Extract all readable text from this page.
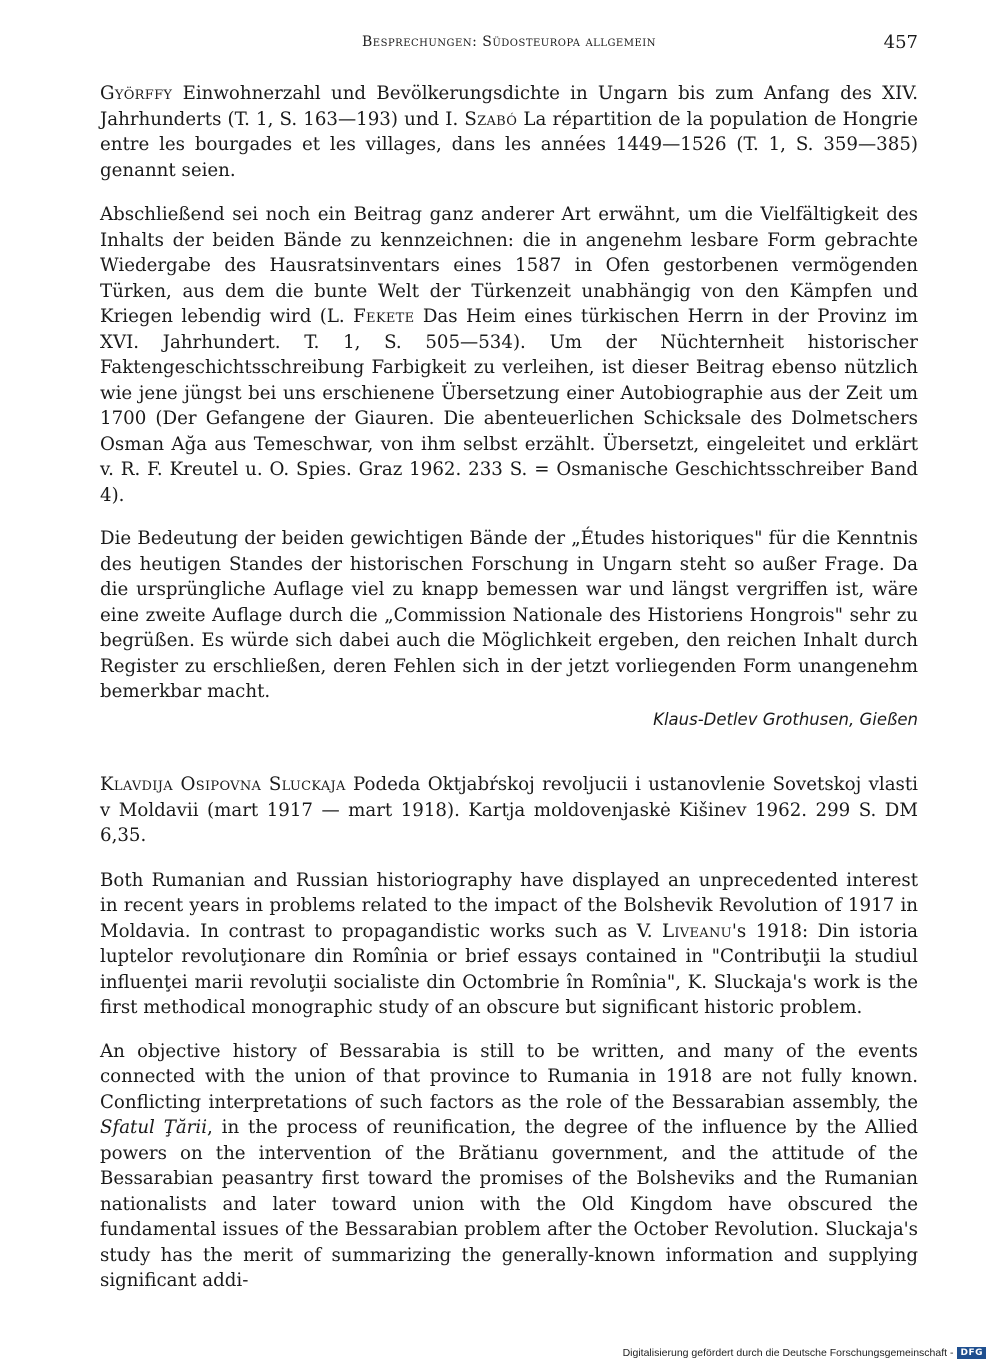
Besprechungen: Südosteuropa allgemein	457

Györffy Einwohnerzahl und Bevölkerungsdichte in Ungarn bis zum Anfang des XIV. Jahrhunderts (T. 1, S. 163—193) und I. Szabó La répartition de la population de Hongrie entre les bourgades et les villages, dans les années 1449—1526 (T. 1, S. 359—385) genannt seien.

Abschließend sei noch ein Beitrag ganz anderer Art erwähnt, um die Vielfältigkeit des Inhalts der beiden Bände zu kennzeichnen: die in angenehm lesbare Form gebrachte Wiedergabe des Hausratsinventars eines 1587 in Ofen gestorbenen vermögenden Türken, aus dem die bunte Welt der Türkenzeit unabhängig von den Kämpfen und Kriegen lebendig wird (L. Fekete Das Heim eines türkischen Herrn in der Provinz im XVI. Jahrhundert. T. 1, S. 505—534). Um der Nüchternheit historischer Faktengeschichtsschreibung Farbigkeit zu verleihen, ist dieser Beitrag ebenso nützlich wie jene jüngst bei uns erschienene Übersetzung einer Autobiographie aus der Zeit um 1700 (Der Gefangene der Giauren. Die abenteuerlichen Schicksale des Dolmetschers Osman Ağa aus Temeschwar, von ihm selbst erzählt. Übersetzt, eingeleitet und erklärt v. R. F. Kreutel u. O. Spies. Graz 1962. 233 S. = Osmanische Geschichtsschreiber Band 4).

Die Bedeutung der beiden gewichtigen Bände der „Études historiques" für die Kenntnis des heutigen Standes der historischen Forschung in Ungarn steht so außer Frage. Da die ursprüngliche Auflage viel zu knapp bemessen war und längst vergriffen ist, wäre eine zweite Auflage durch die „Commission Nationale des Historiens Hongrois" sehr zu begrüßen. Es würde sich dabei auch die Möglichkeit ergeben, den reichen Inhalt durch Register zu erschließen, deren Fehlen sich in der jetzt vorliegenden Form unangenehm bemerkbar macht.

Klaus-Detlev Grothusen, Gießen

Klavdija Osipovna Sluckaja Podeda Oktjabŕskoj revoljucii i ustanovlenie Sovetskoj vlasti v Moldavii (mart 1917 — mart 1918). Kartja moldovenjaskė Kišinev 1962. 299 S. DM 6,35.

Both Rumanian and Russian historiography have displayed an unprecedented interest in recent years in problems related to the impact of the Bolshevik Revolution of 1917 in Moldavia. In contrast to propagandistic works such as V. Liveanu's 1918: Din istoria luptelor revoluţionare din Romînia or brief essays contained in "Contribuţii la studiul influenţei marii revoluţii socialiste din Octombrie în Romînia", K. Sluckaja's work is the first methodical monographic study of an obscure but significant historic problem.

An objective history of Bessarabia is still to be written, and many of the events connected with the union of that province to Rumania in 1918 are not fully known. Conflicting interpretations of such factors as the role of the Bessarabian assembly, the Sfatul Ţării, in the process of reunification, the degree of the influence by the Allied powers on the intervention of the Brătianu government, and the attitude of the Bessarabian peasantry first toward the promises of the Bolsheviks and the Rumanian nationalists and later toward union with the Old Kingdom have obscured the fundamental issues of the Bessarabian problem after the October Revolution. Sluckaja's study has the merit of summarizing the generally-known information and supplying significant addi-

Digitalisierung gefördert durch die Deutsche Forschungsgemeinschaft - DFG
